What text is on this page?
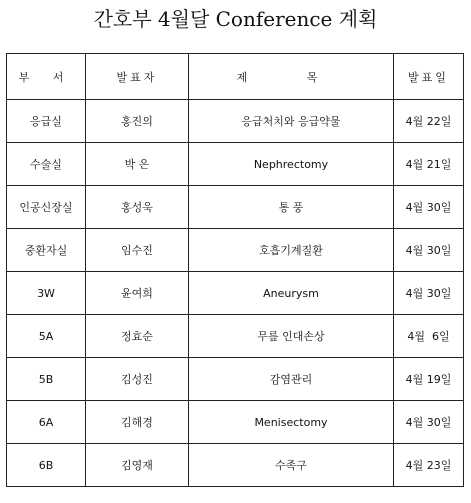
간호부 4월달 Conference 계획
부 서	발표자	제 목	발표일
응급실	홍진의	응급처치와 응급약물	4월 22일
수술실	박 은	Nephrectomy	4월 21일
인공신장실	홍성욱	통 풍	4월 30일
중환자실	임수진	호흡기계질환	4월 30일
3W	윤여희	Aneurysm	4월 30일
5A	정효순	무릎 인대손상	4월  6일
5B	김성진	감염관리	4월 19일
6A	김해경	Menisectomy	4월 30일
6B	김영재	수족구	4월 23일
